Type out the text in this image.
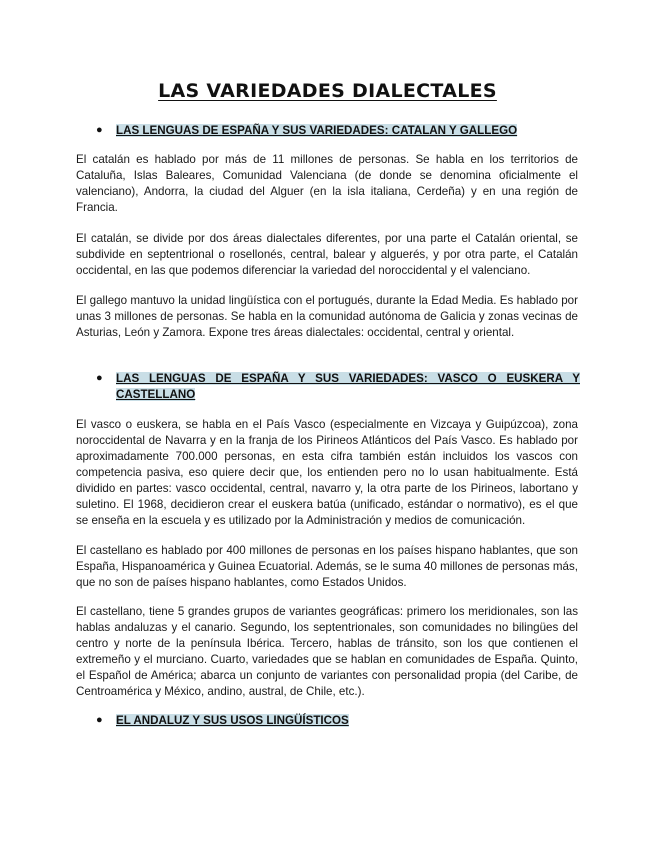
LAS VARIEDADES DIALECTALES
● LAS LENGUAS DE ESPAÑA Y SUS VARIEDADES: CATALAN Y GALLEGO
El catalán es hablado por más de 11 millones de personas. Se habla en los territorios de Cataluña, Islas Baleares, Comunidad Valenciana (de donde se denomina oficialmente el valenciano), Andorra, la ciudad del Alguer (en la isla italiana, Cerdeña) y en una región de Francia.
El catalán, se divide por dos áreas dialectales diferentes, por una parte el Catalán oriental, se subdivide en septentrional o rosellonés, central, balear y alguerés, y por otra parte, el Catalán occidental, en las que podemos diferenciar la variedad del noroccidental y el valenciano.
El gallego mantuvo la unidad lingüística con el portugués, durante la Edad Media. Es hablado por unas 3 millones de personas. Se habla en la comunidad autónoma de Galicia y zonas vecinas de Asturias, León y Zamora. Expone tres áreas dialectales: occidental, central y oriental.
● LAS LENGUAS DE ESPAÑA Y SUS VARIEDADES: VASCO O EUSKERA Y CASTELLANO
El vasco o euskera, se habla en el País Vasco (especialmente en Vizcaya y Guipúzcoa), zona noroccidental de Navarra y en la franja de los Pirineos Atlánticos del País Vasco. Es hablado por aproximadamente 700.000 personas, en esta cifra también están incluidos los vascos con competencia pasiva, eso quiere decir que, los entienden pero no lo usan habitualmente. Está dividido en partes: vasco occidental, central, navarro y, la otra parte de los Pirineos, labortano y suletino. El 1968, decidieron crear el euskera batúa (unificado, estándar o normativo), es el que se enseña en la escuela y es utilizado por la Administración y medios de comunicación.
El castellano es hablado por 400 millones de personas en los países hispano hablantes, que son España, Hispanoamérica y Guinea Ecuatorial. Además, se le suma 40 millones de personas más, que no son de países hispano hablantes, como Estados Unidos.
El castellano, tiene 5 grandes grupos de variantes geográficas: primero los meridionales, son las hablas andaluzas y el canario. Segundo, los septentrionales, son comunidades no bilingües del centro y norte de la península Ibérica. Tercero, hablas de tránsito, son los que contienen el extremeño y el murciano. Cuarto, variedades que se hablan en comunidades de España. Quinto, el Español de América; abarca un conjunto de variantes con personalidad propia (del Caribe, de Centroamérica y México, andino, austral, de Chile, etc.).
● EL ANDALUZ Y SUS USOS LINGÜÍSTICOS
